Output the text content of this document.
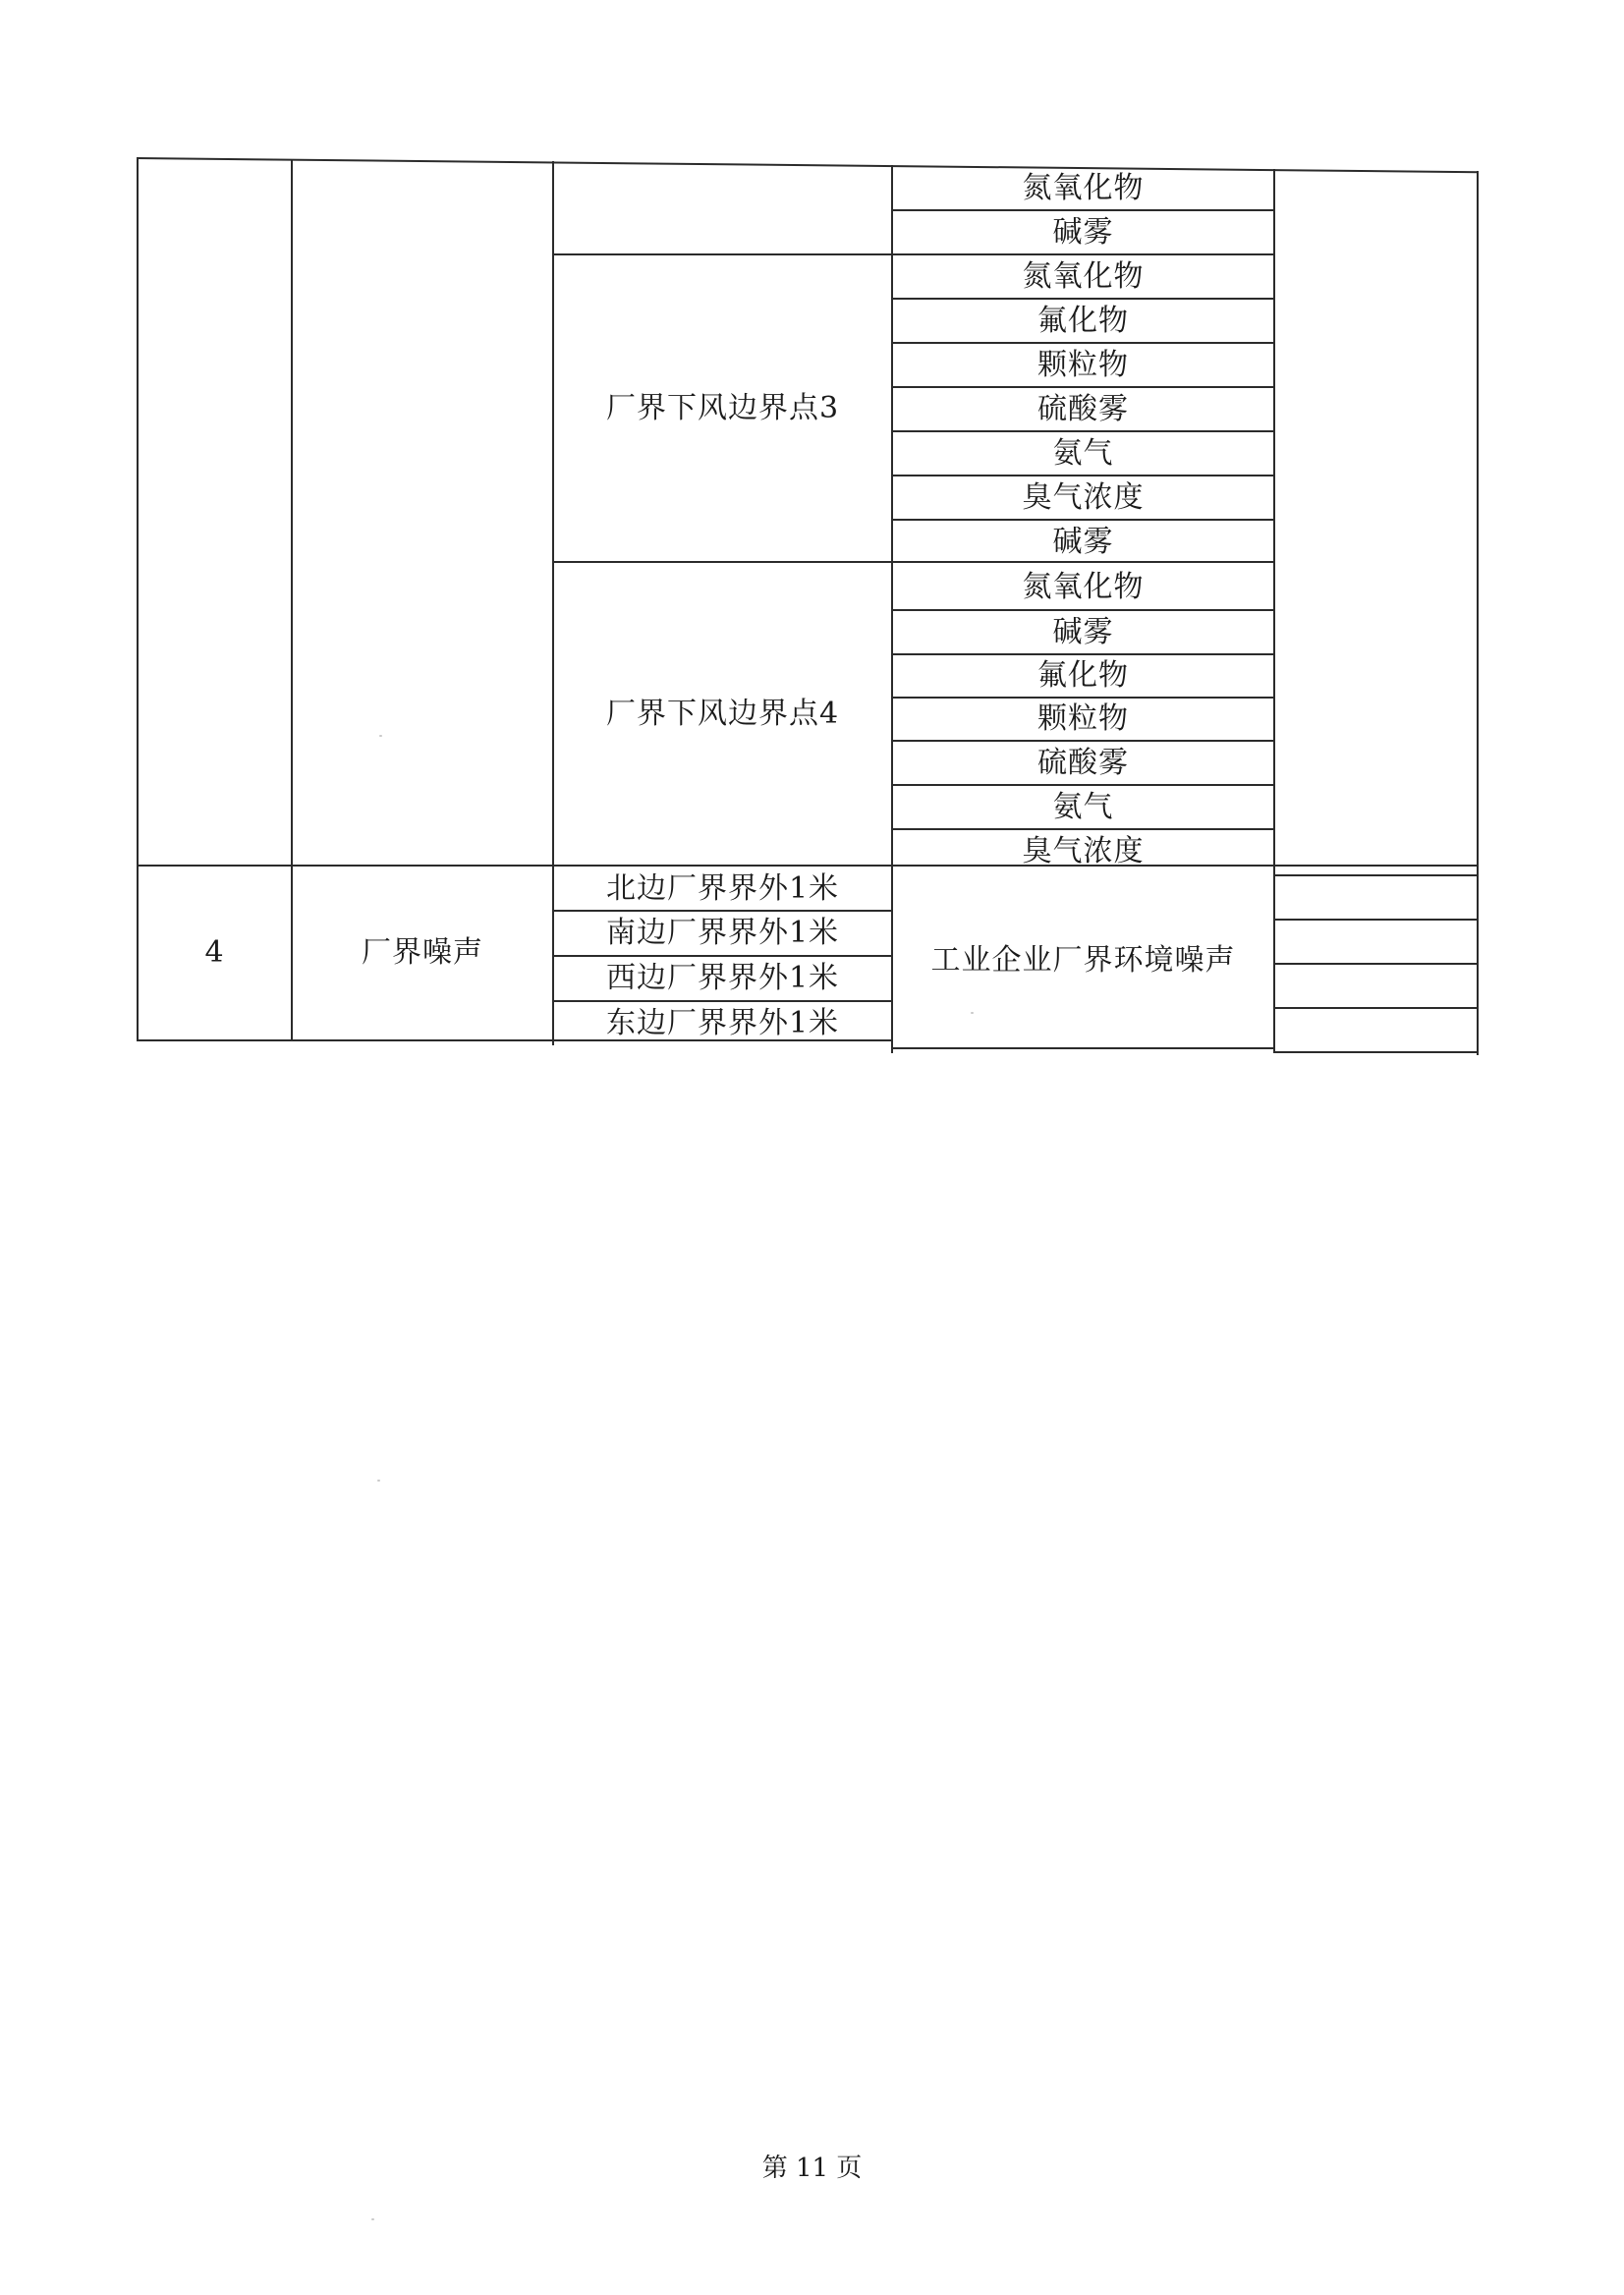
氮氧化物
碱雾
厂界下风边界点3
氮氧化物
氟化物
颗粒物
硫酸雾
氨气
臭气浓度
碱雾
厂界下风边界点4
氮氧化物
碱雾
氟化物
颗粒物
硫酸雾
氨气
臭气浓度
4	厂界噪声
北边厂界界外1米
南边厂界界外1米
西边厂界界外1米
东边厂界界外1米
工业企业厂界环境噪声
第 11 页
